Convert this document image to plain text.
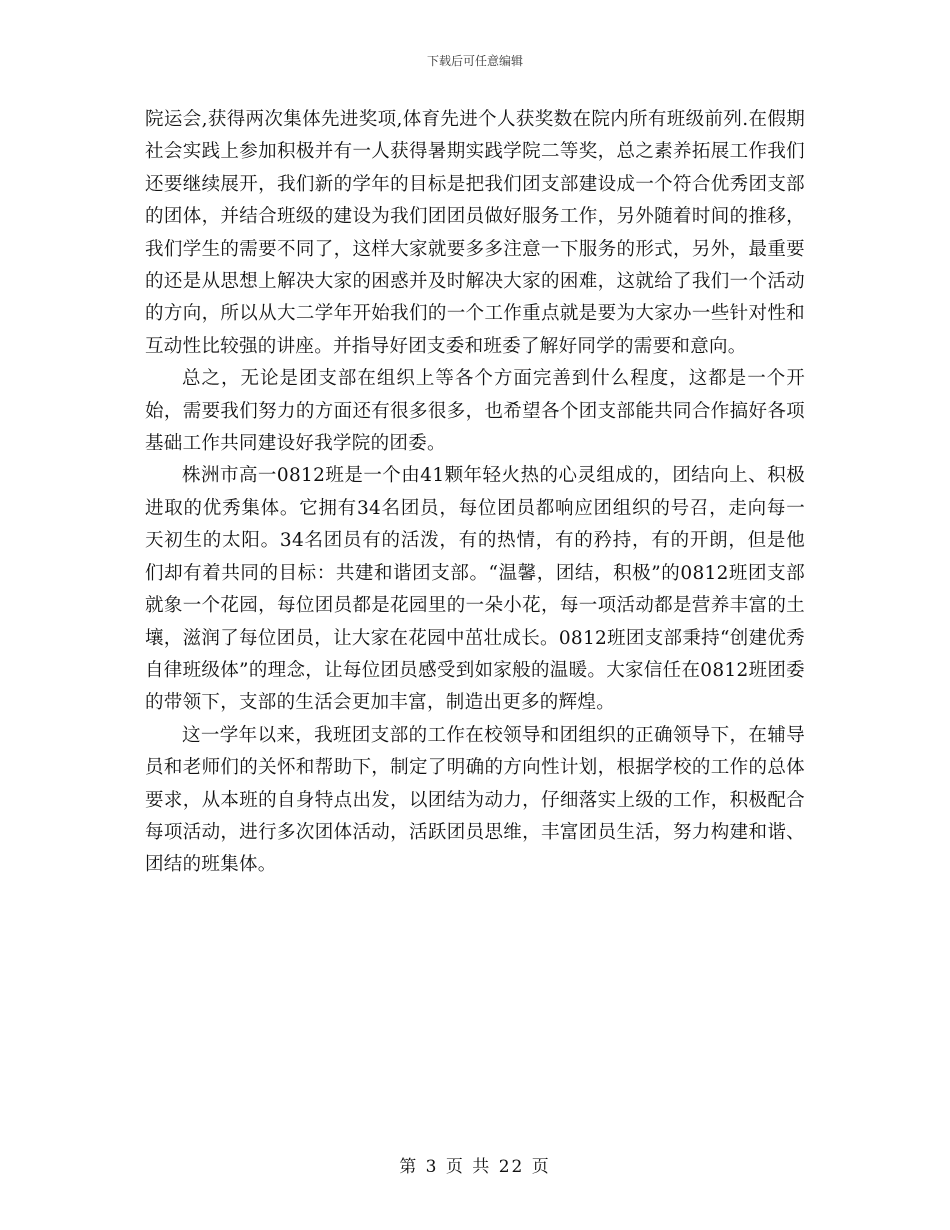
下载后可任意编辑

院运会,获得两次集体先进奖项,体育先进个人获奖数在院内所有班级前列.在假期社会实践上参加积极并有一人获得暑期实践学院二等奖，总之素养拓展工作我们还要继续展开，我们新的学年的目标是把我们团支部建设成一个符合优秀团支部的团体，并结合班级的建设为我们团团员做好服务工作，另外随着时间的推移，我们学生的需要不同了，这样大家就要多多注意一下服务的形式，另外，最重要的还是从思想上解决大家的困惑并及时解决大家的困难，这就给了我们一个活动的方向，所以从大二学年开始我们的一个工作重点就是要为大家办一些针对性和互动性比较强的讲座。并指导好团支委和班委了解好同学的需要和意向。

总之，无论是团支部在组织上等各个方面完善到什么程度，这都是一个开始，需要我们努力的方面还有很多很多，也希望各个团支部能共同合作搞好各项基础工作共同建设好我学院的团委。

株洲市高一0812班是一个由41颗年轻火热的心灵组成的，团结向上、积极进取的优秀集体。它拥有34名团员，每位团员都响应团组织的号召，走向每一天初生的太阳。34名团员有的活泼，有的热情，有的矜持，有的开朗，但是他们却有着共同的目标：共建和谐团支部。“温馨，团结，积极”的0812班团支部就象一个花园，每位团员都是花园里的一朵小花，每一项活动都是营养丰富的土壤，滋润了每位团员，让大家在花园中茁壮成长。0812班团支部秉持“创建优秀自律班级体”的理念，让每位团员感受到如家般的温暖。大家信任在0812班团委的带领下，支部的生活会更加丰富，制造出更多的辉煌。

这一学年以来，我班团支部的工作在校领导和团组织的正确领导下，在辅导员和老师们的关怀和帮助下，制定了明确的方向性计划，根据学校的工作的总体要求，从本班的自身特点出发，以团结为动力，仔细落实上级的工作，积极配合每项活动，进行多次团体活动，活跃团员思维，丰富团员生活，努力构建和谐、团结的班集体。

第 3 页 共 22 页
